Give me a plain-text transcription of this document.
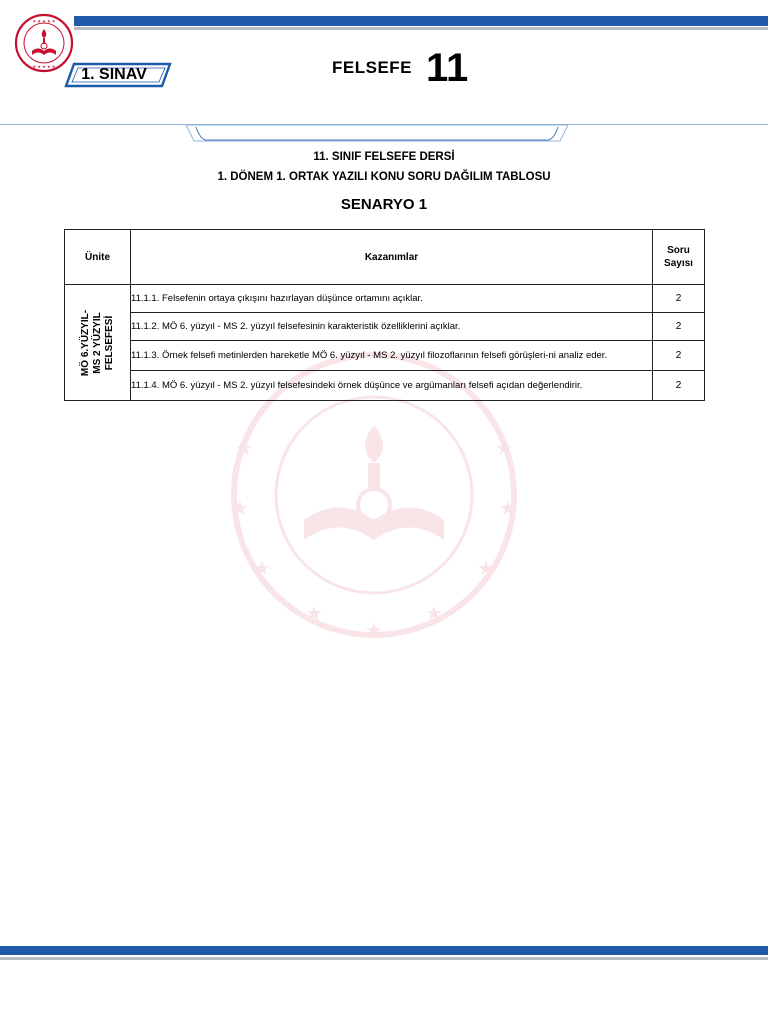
★ ★ ★ ★ ★
★ ★ ★ ★ ★	1. SINAV	FELSEFE 11
11. SINIF FELSEFE DERSİ
1. DÖNEM 1. ORTAK YAZILI KONU SORU DAĞILIM TABLOSU
SENARYO 1
★	★
★	★
★	★
★	★
★
Ünite	Kazanımlar	Soru
Sayısı

MÖ 6.YÜZYIL-
MS 2 YÜZYIL
FELSEFESİ	11.1.1. Felsefenin ortaya çıkışını hazırlayan düşünce ortamını açıklar.	2
	11.1.2. MÖ 6. yüzyıl - MS 2. yüzyıl felsefesinin karakteristik özelliklerini açıklar.	2
	11.1.3. Örnek felsefi metinlerden hareketle MÖ 6. yüzyıl - MS 2. yüzyıl filozoflarının felsefi görüşleri-ni analiz eder.	2
	11.1.4. MÖ 6. yüzyıl - MS 2. yüzyıl felsefesindeki örnek düşünce ve argümanları felsefi açıdan değerlendirir.	2
